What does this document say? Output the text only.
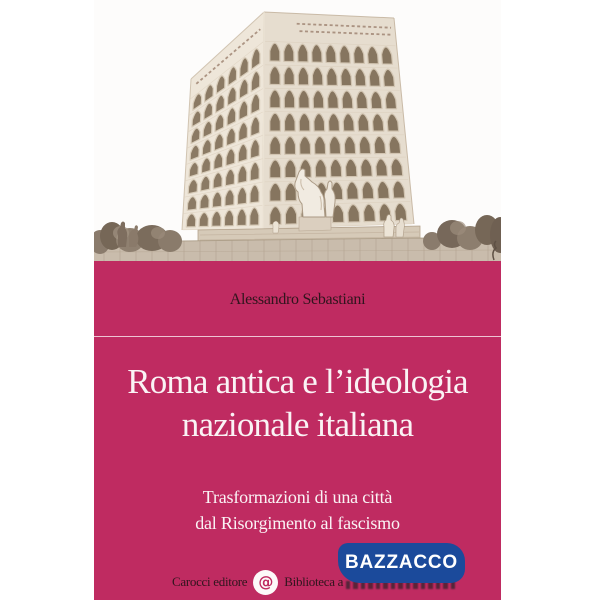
Alessandro Sebastiani
Roma antica e l’ideologia
nazionale italiana
Trasformazioni di una città
dal Risorgimento al fascismo
Carocci editore @ Biblioteca a
BAZZACCO
